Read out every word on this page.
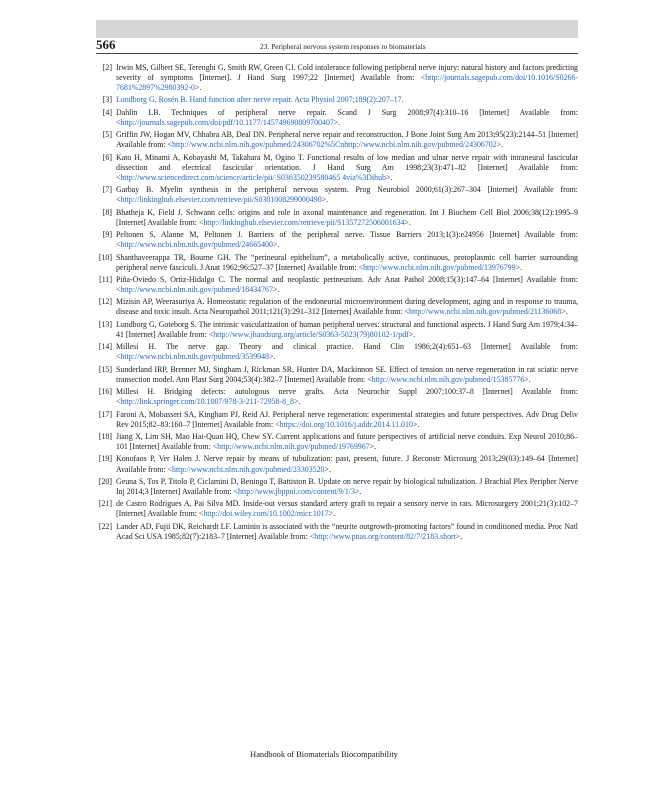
566	23. Peripheral nervous system responses to biomaterials
[2] Irwin MS, Gilbert SE, Terenghi G, Smith RW, Green CJ. Cold intolerance following peripheral nerve injury: natural history and factors predicting severity of symptoms [Internet]. J Hand Surg 1997;22 [Internet] Available from: <http://journals.sagepub.com/doi/10.1016/S0266-7681%2897%2980392-0>.
[3] Lundborg G, Rosén B. Hand function after nerve repair. Acta Physiol 2007;189(2):207–17.
[4] Dahlin LB. Techniques of peripheral nerve repair. Scand J Surg 2008;97(4):310–16 [Internet] Available from: <http://journals.sagepub.com/doi/pdf/10.1177/145749690809700407>.
[5] Griffin JW, Hogan MV, Chhabra AB, Deal DN. Peripheral nerve repair and reconstruction. J Bone Joint Surg Am 2013;95(23):2144–51 [Internet] Available from: <http://www.ncbi.nlm.nih.gov/pubmed/24306702%5Cnhttp://www.ncbi.nlm.nih.gov/pubmed/24306702>.
[6] Kato H, Minami A, Kobayashi M, Takahara M, Ogino T. Functional results of low median and ulnar nerve repair with intraneural fascicular dissection and electrical fascicular orientation. J Hand Surg Am 1998;23(3):471–82 [Internet] Available from: <http://www.sciencedirect.com/science/article/pii/ S036350239580465 4via%3Dihub>.
[7] Garbay B. Myelin synthesis in the peripheral nervous system. Prog Neurobiol 2000;61(3):267–304 [Internet] Available from: <http://linkinghub.elsevier.com/retrieve/pii/S0301008299000490>.
[8] Bhatheja K, Field J. Schwann cells: origins and role in axonal maintenance and regeneration. Int J Biochem Cell Biol 2006;38(12):1995–9 [Internet] Available from: <http://linkinghub.elsevier.com/retrieve/pii/S1357272506001634>.
[9] Peltonen S, Alanne M, Peltonen J. Barriers of the peripheral nerve. Tissue Barriers 2013;1(3):e24956 [Internet] Available from: <http://www.ncbi.nlm.nih.gov/pubmed/24665400>.
[10] Shanthaveerappa TR, Bourne GH. The “perineural epithelium”, a metabolically active, continuous, protoplasmic cell barrier surrounding peripheral nerve fasciculi. J Anat 1962;96:527–37 [Internet] Available from: <http://www.ncbi.nlm.nih.gov/pubmed/13976799>.
[11] Piña-Oviedo S, Ortiz-Hidalgo C. The normal and neoplastic perineurium. Adv Anat Pathol 2008;15(3):147–64 [Internet] Available from: <http://www.ncbi.nlm.nih.gov/pubmed/18434767>.
[12] Mizisin AP, Weerasuriya A. Homeostatic regulation of the endoneurial microenvironment during development, aging and in response to trauma, disease and toxic insult. Acta Neuropathol 2011;121(3):291–312 [Internet] Available from: <http://www.ncbi.nlm.nih.gov/pubmed/21136068>.
[13] Lundborg G, Goteborg S. The intrinsic vascularization of human peripheral nerves: structural and functional aspects. J Hand Surg Am 1979;4:34–41 [Internet] Available from: <http://www.jhandsurg.org/article/S0363-5023(79)80102-1/pdf>.
[14] Millesi H. The nerve gap. Theory and clinical practice. Hand Clin 1986;2(4):651–63 [Internet] Available from: <http://www.ncbi.nlm.nih.gov/pubmed/3539948>.
[15] Sunderland IRP, Brenner MJ, Singham J, Rickman SR, Hunter DA, Mackinnon SE. Effect of tension on nerve regeneration in rat sciatic nerve transection model. Ann Plast Surg 2004;53(4):382–7 [Internet] Available from: <http://www.ncbi.nlm.nih.gov/pubmed/15385776>.
[16] Millesi H. Bridging defects: autologous nerve grafts. Acta Neurochir Suppl 2007;100:37–8 [Internet] Available from: <http://link.springer.com/10.1007/978-3-211-72958-8_8>.
[17] Faroni A, Mobasseri SA, Kingham PJ, Reid AJ. Peripheral nerve regeneration: experimental strategies and future perspectives. Adv Drug Deliv Rev 2015;82–83:160–7 [Internet] Available from: <https://doi.org/10.1016/j.addr.2014.11.010>.
[18] Jiang X, Lim SH, Mao Hai-Quan HQ, Chew SY. Current applications and future perspectives of artificial nerve conduits. Exp Neurol 2010;86–101 [Internet] Available from: <http://www.ncbi.nlm.nih.gov/pubmed/19769967>.
[19] Konofaos P, Ver Halen J. Nerve repair by means of tubulization: past, present, future. J Reconstr Microsurg 2013;29(03):149–64 [Internet] Available from: <http://www.ncbi.nlm.nih.gov/pubmed/23303520>.
[20] Geuna S, Tos P, Titolo P, Ciclamini D, Beningo T, Battiston B. Update on nerve repair by biological tubulization. J Brachial Plex Peripher Nerve Inj 2014;3 [Internet] Available from: <http://www.jbppni.com/content/9/1/3>.
[21] de Castro Rodrigues A, Pai Silva MD. Inside-out versus standard artery graft to repair a sensory nerve in rats. Microsurgery 2001;21(3):102–7 [Internet] Available from: <http://doi.wiley.com/10.1002/micr.1017>.
[22] Lander AD, Fujii DK, Reichardt LF. Laminin is associated with the “neurite outgrowth-promoting factors” found in conditioned media. Proc Natl Acad Sci USA 1985;82(7):2183–7 [Internet] Available from: <http://www.pnas.org/content/82/7/2183.short>.
Handbook of Biomaterials Biocompatibility
